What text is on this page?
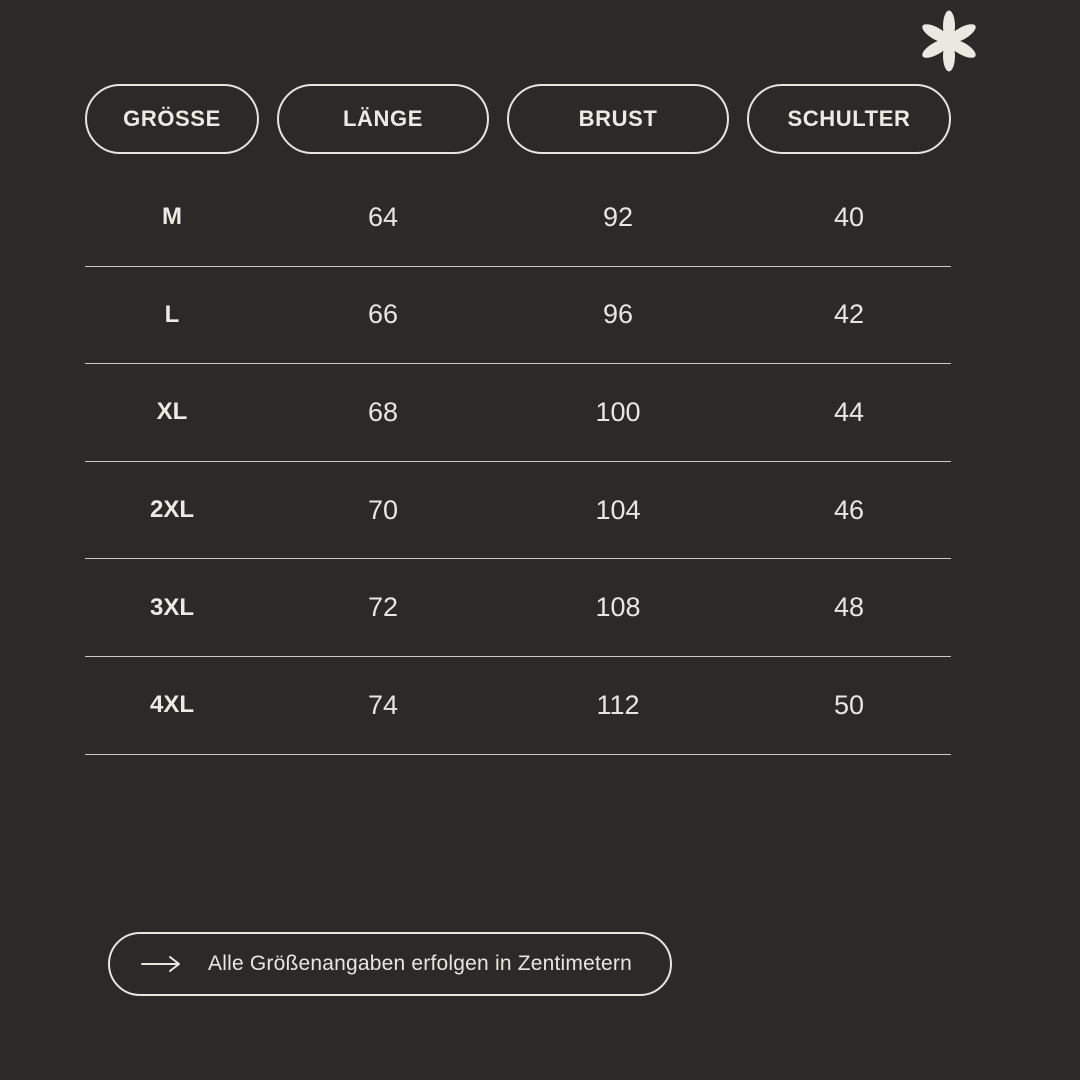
GRÖSSE	LÄNGE	BRUST	SCHULTER
M	64	92	40
L	66	96	42
XL	68	100	44
2XL	70	104	46
3XL	72	108	48
4XL	74	112	50
Alle Größenangaben erfolgen in Zentimetern
